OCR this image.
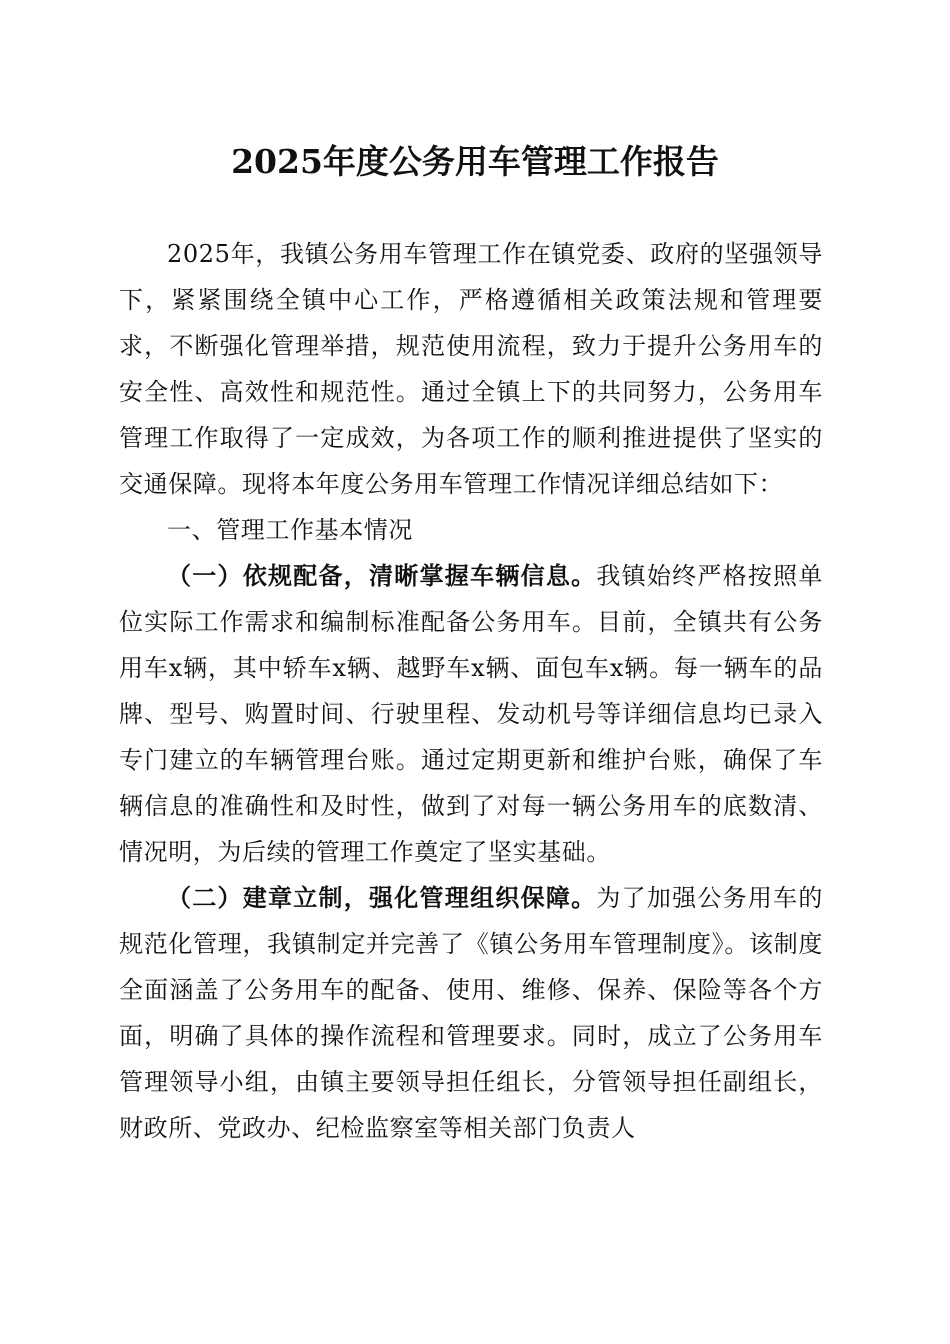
2025年度公务用车管理工作报告

2025年，我镇公务用车管理工作在镇党委、政府的坚强领导下，紧紧围绕全镇中心工作，严格遵循相关政策法规和管理要求，不断强化管理举措，规范使用流程，致力于提升公务用车的安全性、高效性和规范性。通过全镇上下的共同努力，公务用车管理工作取得了一定成效，为各项工作的顺利推进提供了坚实的交通保障。现将本年度公务用车管理工作情况详细总结如下：

一、管理工作基本情况

（一）依规配备，清晰掌握车辆信息。我镇始终严格按照单位实际工作需求和编制标准配备公务用车。目前，全镇共有公务用车x辆，其中轿车x辆、越野车x辆、面包车x辆。每一辆车的品牌、型号、购置时间、行驶里程、发动机号等详细信息均已录入专门建立的车辆管理台账。通过定期更新和维护台账，确保了车辆信息的准确性和及时性，做到了对每一辆公务用车的底数清、情况明，为后续的管理工作奠定了坚实基础。

（二）建章立制，强化管理组织保障。为了加强公务用车的规范化管理，我镇制定并完善了《镇公务用车管理制度》。该制度全面涵盖了公务用车的配备、使用、维修、保养、保险等各个方面，明确了具体的操作流程和管理要求。同时，成立了公务用车管理领导小组，由镇主要领导担任组长，分管领导担任副组长，财政所、党政办、纪检监察室等相关部门负责人
